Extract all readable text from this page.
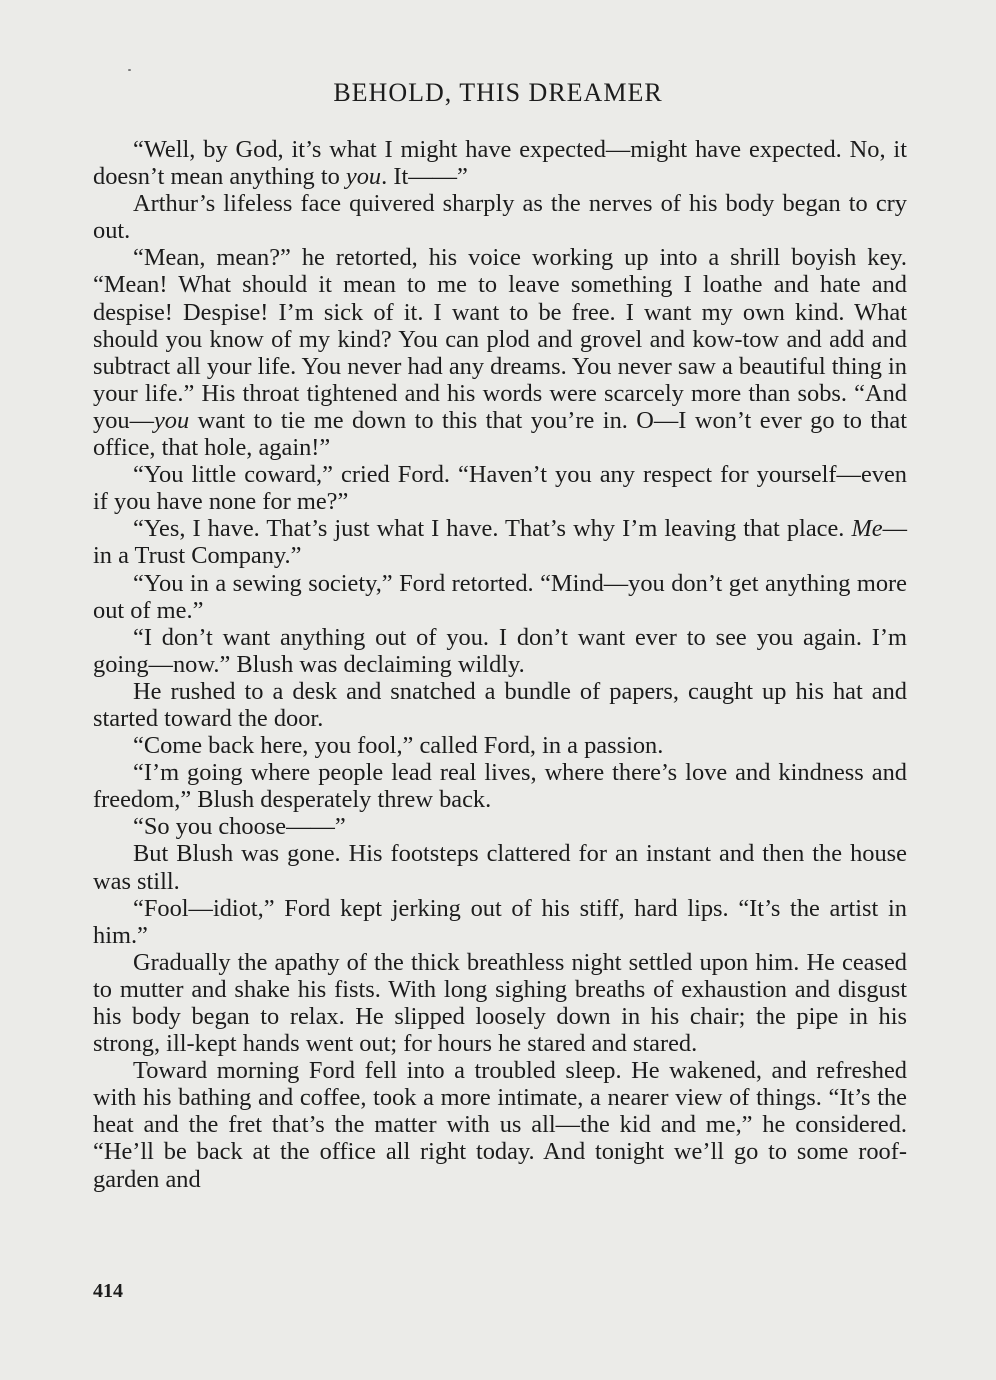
BEHOLD, THIS DREAMER

“Well, by God, it’s what I might have expected—might have expected. No, it doesn’t mean anything to you. It——”

Arthur’s lifeless face quivered sharply as the nerves of his body began to cry out.

“Mean, mean?” he retorted, his voice working up into a shrill boyish key. “Mean! What should it mean to me to leave something I loathe and hate and despise! Despise! I’m sick of it. I want to be free. I want my own kind. What should you know of my kind? You can plod and grovel and kow-tow and add and subtract all your life. You never had any dreams. You never saw a beautiful thing in your life.” His throat tightened and his words were scarcely more than sobs. “And you—you want to tie me down to this that you’re in. O—I won’t ever go to that office, that hole, again!”

“You little coward,” cried Ford. “Haven’t you any respect for yourself—even if you have none for me?”

“Yes, I have. That’s just what I have. That’s why I’m leaving that place. Me—in a Trust Company.”

“You in a sewing society,” Ford retorted. “Mind—you don’t get anything more out of me.”

“I don’t want anything out of you. I don’t want ever to see you again. I’m going—now.” Blush was declaiming wildly.

He rushed to a desk and snatched a bundle of papers, caught up his hat and started toward the door.

“Come back here, you fool,” called Ford, in a passion.

“I’m going where people lead real lives, where there’s love and kindness and freedom,” Blush desperately threw back.

“So you choose——”

But Blush was gone. His footsteps clattered for an instant and then the house was still.

“Fool—idiot,” Ford kept jerking out of his stiff, hard lips. “It’s the artist in him.”

Gradually the apathy of the thick breathless night settled upon him. He ceased to mutter and shake his fists. With long sighing breaths of exhaustion and disgust his body began to relax. He slipped loosely down in his chair; the pipe in his strong, ill-kept hands went out; for hours he stared and stared.

Toward morning Ford fell into a troubled sleep. He wakened, and refreshed with his bathing and coffee, took a more intimate, a nearer view of things. “It’s the heat and the fret that’s the matter with us all—the kid and me,” he considered. “He’ll be back at the office all right today. And tonight we’ll go to some roof-garden and

414
